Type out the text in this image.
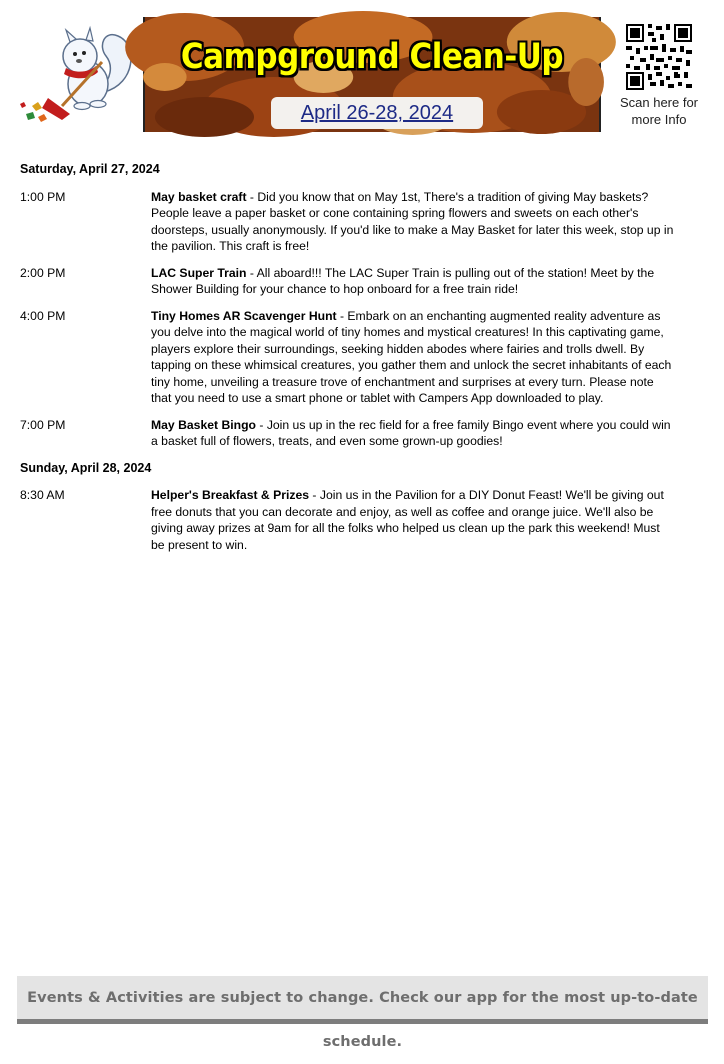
Campground Clean-Up
April 26-28, 2024	Scan here for more Info
Saturday, April 27, 2024
1:00 PM	May basket craft - Did you know that on May 1st, There's a tradition of giving May baskets? People leave a paper basket or cone containing spring flowers and sweets on each other's doorsteps, usually anonymously. If you'd like to make a May Basket for later this week, stop up in the pavilion. This craft is free!
2:00 PM	LAC Super Train - All aboard!!! The LAC Super Train is pulling out of the station! Meet by the Shower Building for your chance to hop onboard for a free train ride!
4:00 PM	Tiny Homes AR Scavenger Hunt - Embark on an enchanting augmented reality adventure as you delve into the magical world of tiny homes and mystical creatures! In this captivating game, players explore their surroundings, seeking hidden abodes where fairies and trolls dwell. By tapping on these whimsical creatures, you gather them and unlock the secret inhabitants of each tiny home, unveiling a treasure trove of enchantment and surprises at every turn. Please note that you need to use a smart phone or tablet with Campers App downloaded to play.
7:00 PM	May Basket Bingo - Join us up in the rec field for a free family Bingo event where you could win a basket full of flowers, treats, and even some grown-up goodies!
Sunday, April 28, 2024
8:30 AM	Helper's Breakfast & Prizes - Join us in the Pavilion for a DIY Donut Feast! We'll be giving out free donuts that you can decorate and enjoy, as well as coffee and orange juice. We'll also be giving away prizes at 9am for all the folks who helped us clean up the park this weekend! Must be present to win.
Events & Activities are subject to change. Check our app for the most up-to-date schedule.
